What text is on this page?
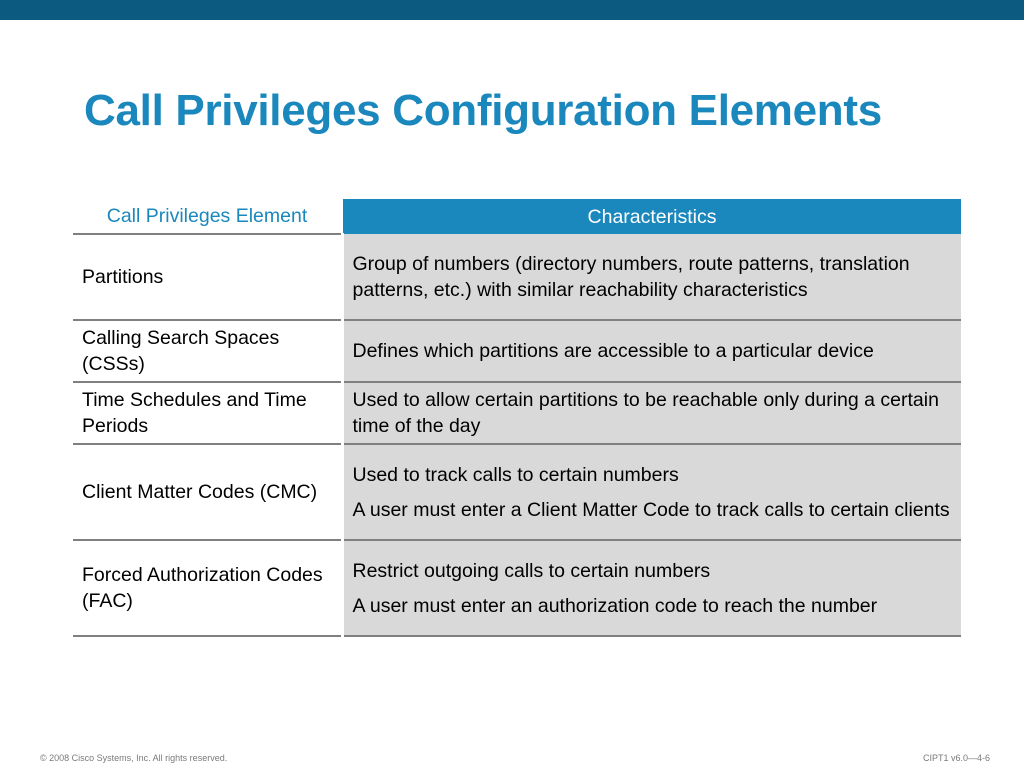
Call Privileges Configuration Elements
Call Privileges Element	Characteristics
Partitions	Group of numbers (directory numbers, route patterns, translation patterns, etc.) with similar reachability characteristics

Calling Search Spaces (CSSs)	Defines which partitions are accessible to a particular device

Time Schedules and Time Periods	Used to allow certain partitions to be reachable only during a certain time of the day

Client Matter Codes (CMC)	Used to track calls to certain numbers
A user must enter a Client Matter Code to track calls to certain clients

Forced Authorization Codes (FAC)	Restrict outgoing calls to certain numbers
A user must enter an authorization code to reach the number
© 2008 Cisco Systems, Inc. All rights reserved.	CIPT1 v6.0—4-6
